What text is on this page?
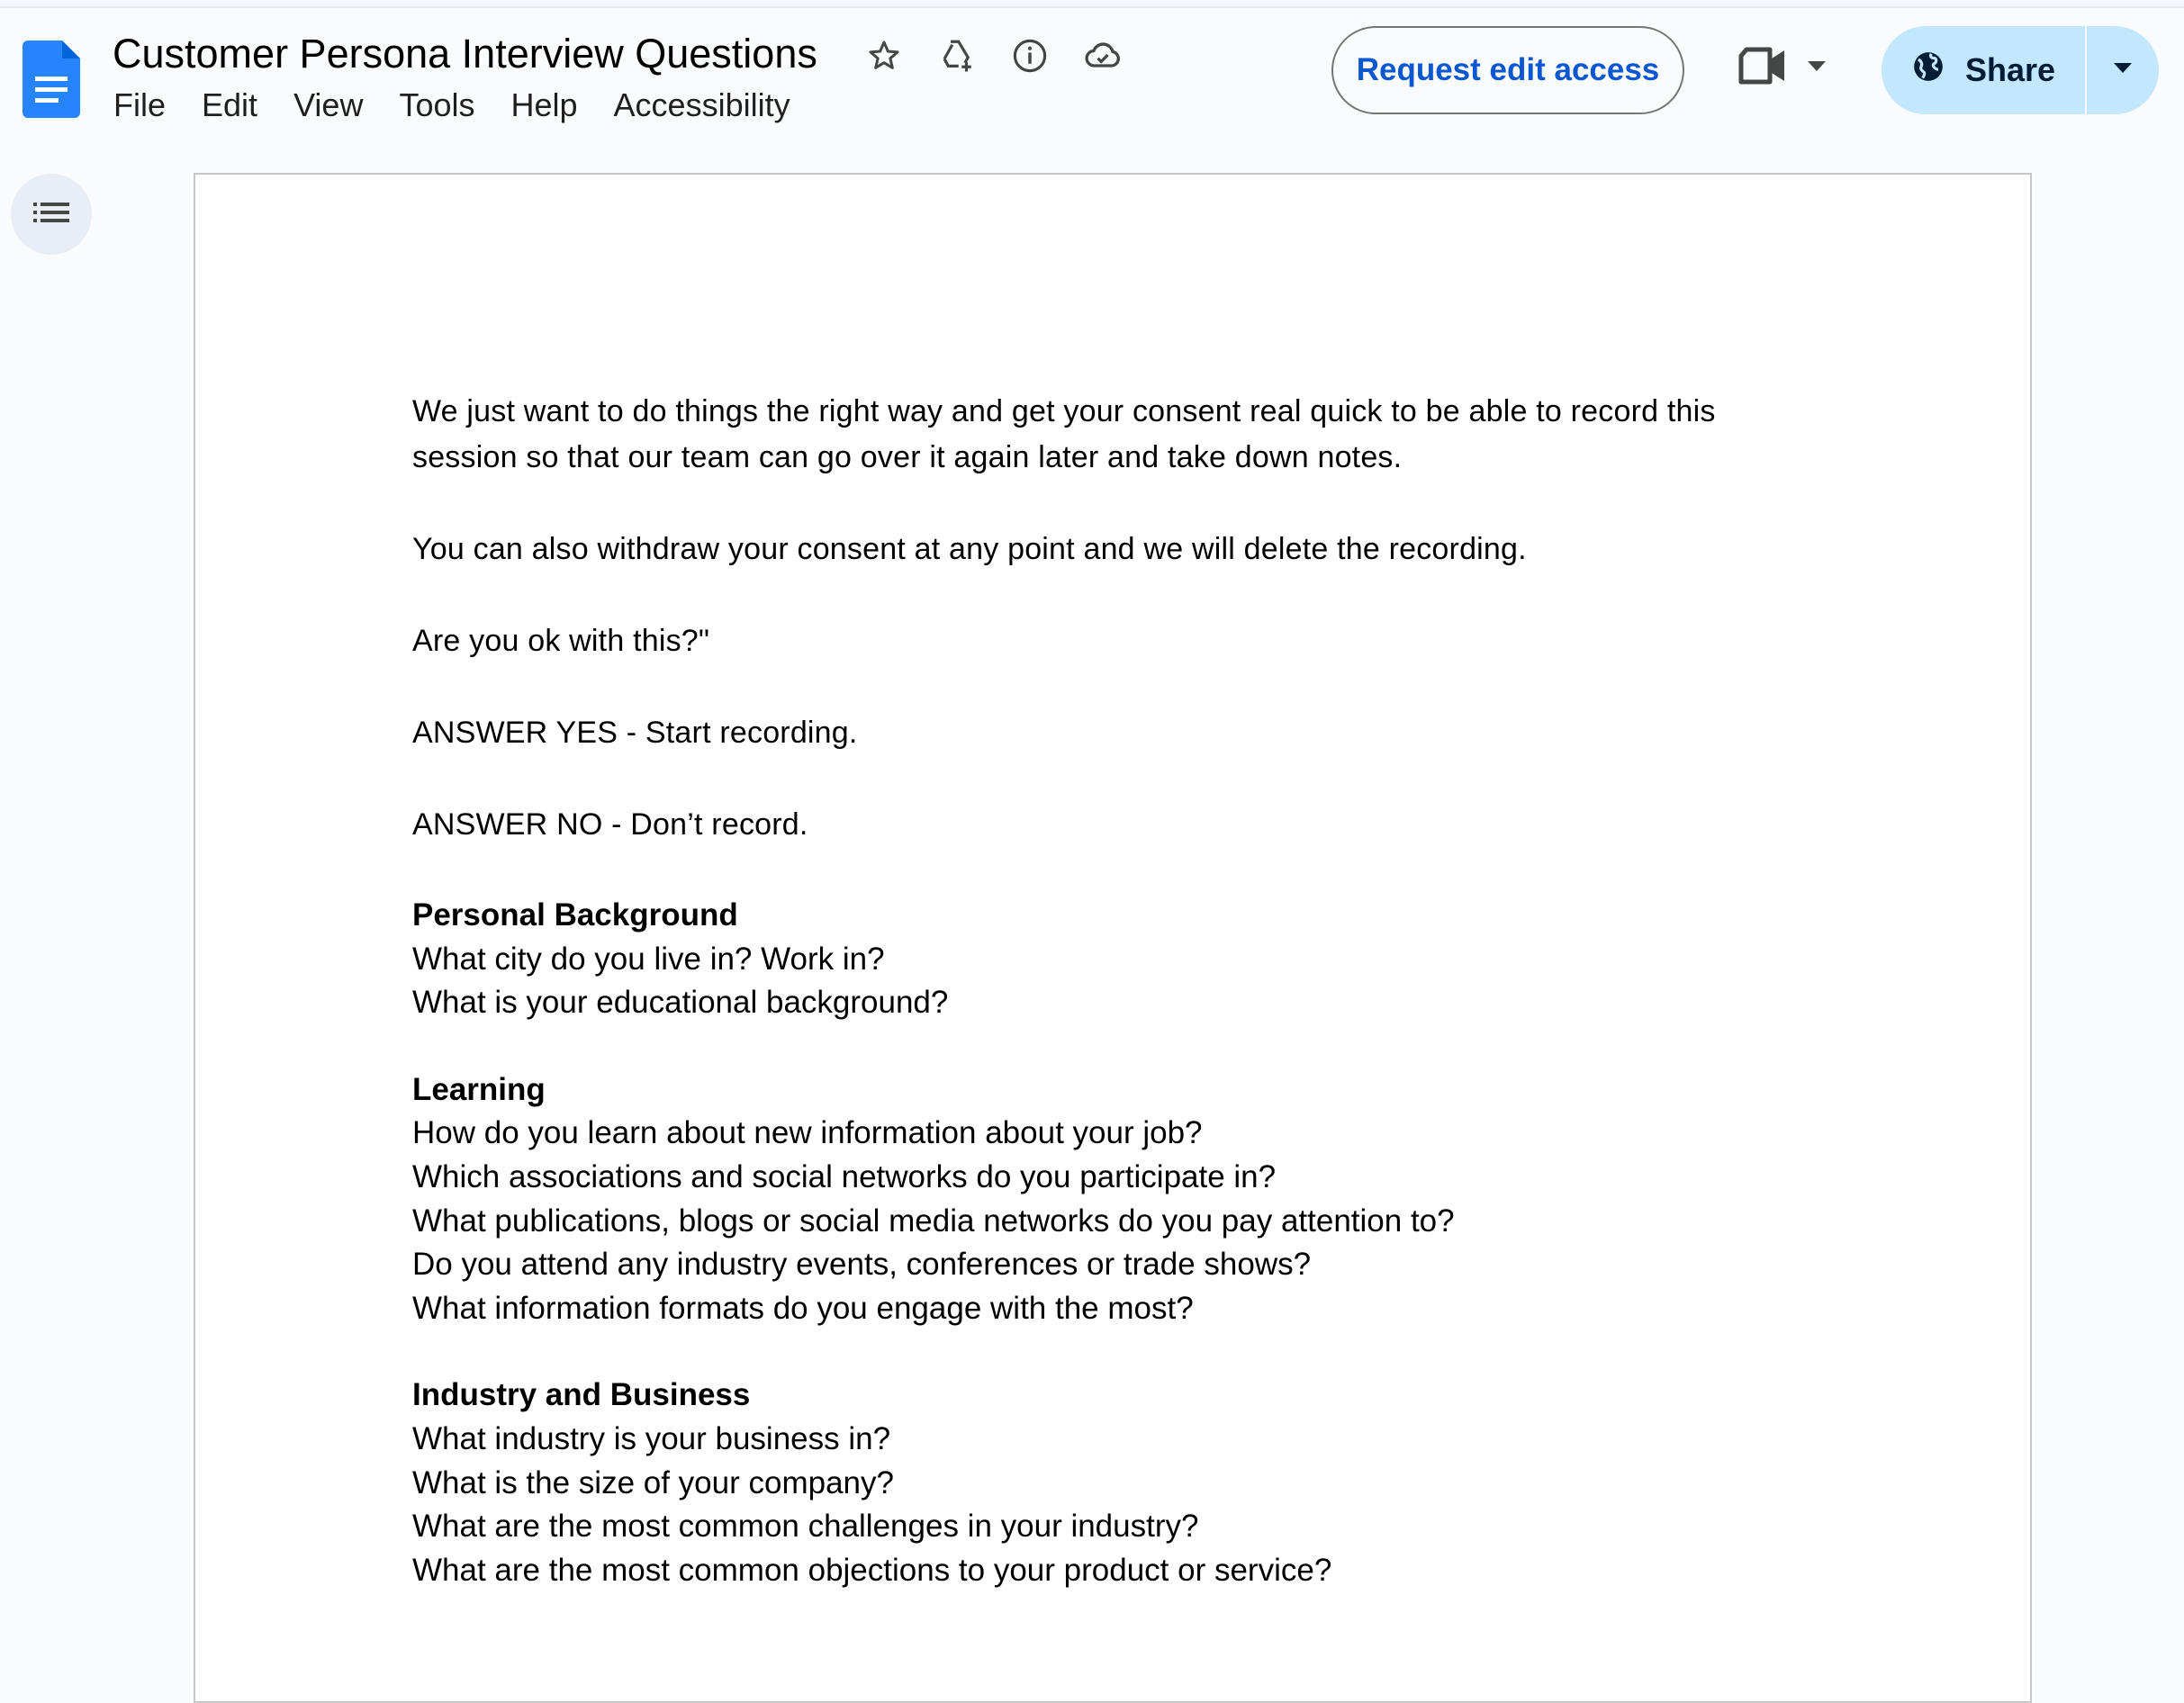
Customer Persona Interview Questions
File Edit View Tools Help Accessibility
Request edit access	Share

We just want to do things the right way and get your consent real quick to be able to record this session so that our team can go over it again later and take down notes.

You can also withdraw your consent at any point and we will delete the recording.

Are you ok with this?"

ANSWER YES - Start recording.

ANSWER NO - Don’t record.

Personal Background
What city do you live in? Work in?
What is your educational background?
Learning
How do you learn about new information about your job?
Which associations and social networks do you participate in?
What publications, blogs or social media networks do you pay attention to?
Do you attend any industry events, conferences or trade shows?
What information formats do you engage with the most?
Industry and Business
What industry is your business in?
What is the size of your company?
What are the most common challenges in your industry?
What are the most common objections to your product or service?
